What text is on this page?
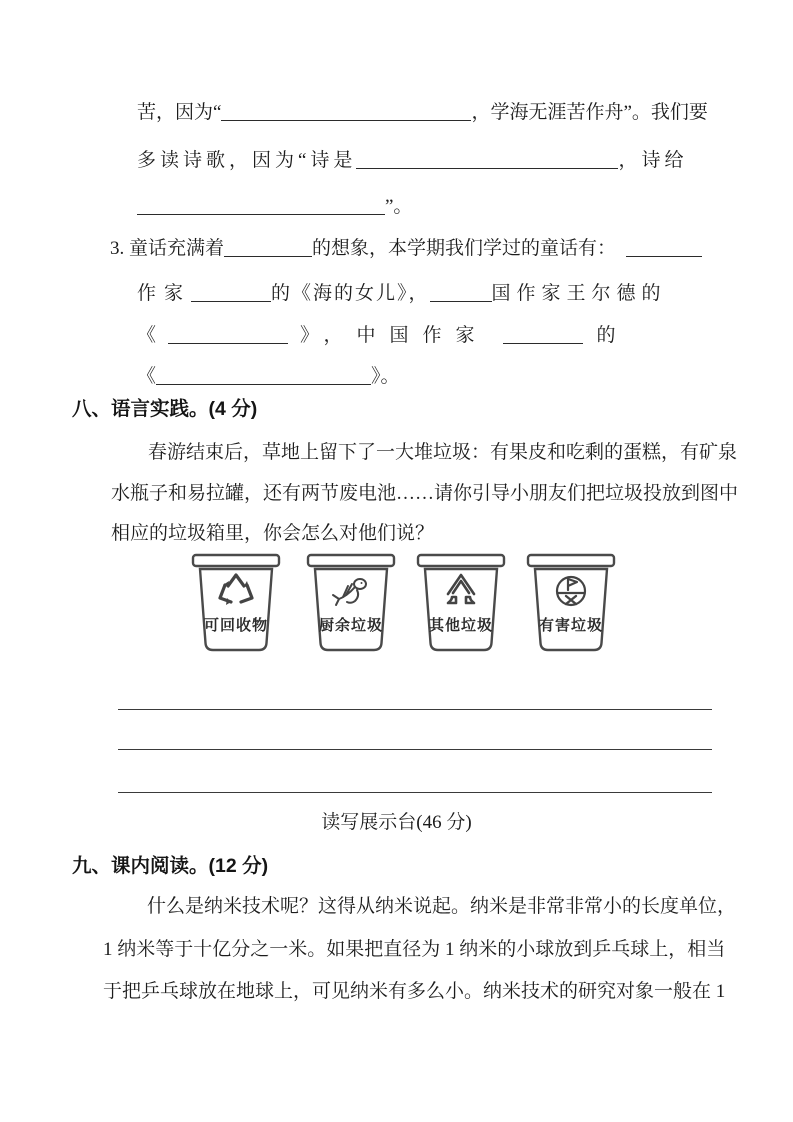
苦，因为“	，学海无涯苦作舟”。我们要
多读诗歌，因为“诗是	，诗给
”。
3. 童话充满着	的想象，本学期我们学过的童话有：
作家	的《海的女儿》，	国作家王尔德的
《	》，中国作家	的
《	》。
八、语言实践。(4 分)
春游结束后，草地上留下了一大堆垃圾：有果皮和吃剩的蛋糕，有矿泉
水瓶子和易拉罐，还有两节废电池……请你引导小朋友们把垃圾投放到图中
相应的垃圾箱里，你会怎么对他们说？
可回收物	厨余垃圾	其他垃圾	有害垃圾
读写展示台(46 分)
九、课内阅读。(12 分)
什么是纳米技术呢？这得从纳米说起。纳米是非常非常小的长度单位，
1 纳米等于十亿分之一米。如果把直径为 1 纳米的小球放到乒乓球上，相当
于把乒乓球放在地球上，可见纳米有多么小。纳米技术的研究对象一般在 1
